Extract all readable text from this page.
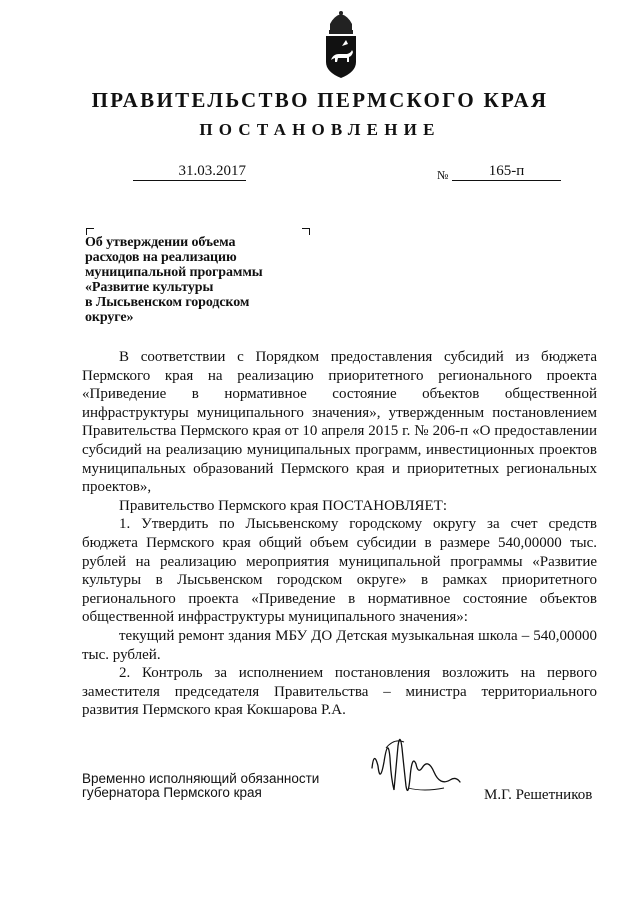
ПРАВИТЕЛЬСТВО ПЕРМСКОГО КРАЯ
ПОСТАНОВЛЕНИЕ
31.03.2017	№	165-п
Об утверждении объема
расходов на реализацию
муниципальной программы
«Развитие культуры
в Лысьвенском городском
округе»

В соответствии с Порядком предоставления субсидий из бюджета Пермского края на реализацию приоритетного регионального проекта «Приведение в нормативное состояние объектов общественной инфраструктуры муниципального значения», утвержденным постановлением Правительства Пермского края от 10 апреля 2015 г. № 206-п «О предоставлении субсидий на реализацию муниципальных программ, инвестиционных проектов муниципальных образований Пермского края и приоритетных региональных проектов»,

Правительство Пермского края ПОСТАНОВЛЯЕТ:

1. Утвердить по Лысьвенскому городскому округу за счет средств бюджета Пермского края общий объем субсидии в размере 540,00000 тыс. рублей на реализацию мероприятия муниципальной программы «Развитие культуры в Лысьвенском городском округе» в рамках приоритетного регионального проекта «Приведение в нормативное состояние объектов общественной инфраструктуры муниципального значения»:

текущий ремонт здания МБУ ДО Детская музыкальная школа – 540,00000 тыс. рублей.

2. Контроль за исполнением постановления возложить на первого заместителя председателя Правительства – министра территориального развития Пермского края Кокшарова Р.А.

Временно исполняющий обязанности
губернатора Пермского края	М.Г. Решетников
